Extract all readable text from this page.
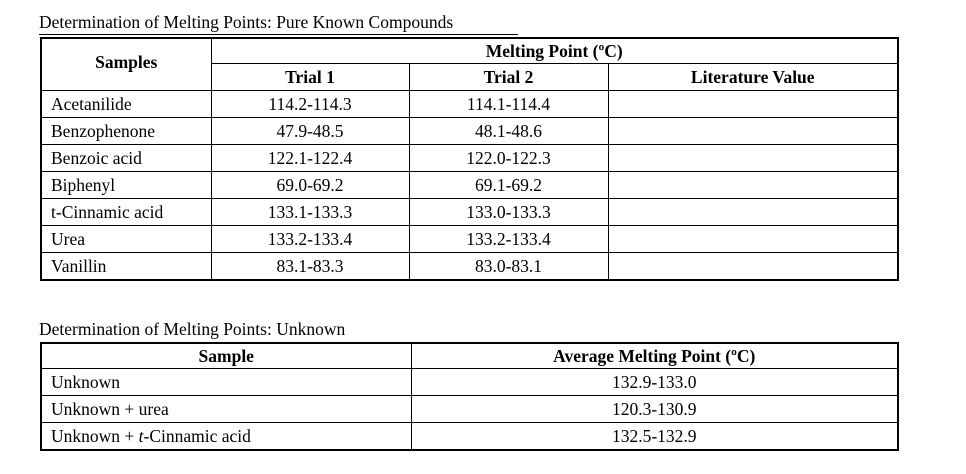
Determination of Melting Points: Pure Known Compounds
Samples	Melting Point (ºC)		
	Trial 1	Trial 2	Literature Value
Acetanilide	114.2-114.3	114.1-114.4	
Benzophenone	47.9-48.5	48.1-48.6	
Benzoic acid	122.1-122.4	122.0-122.3	
Biphenyl	69.0-69.2	69.1-69.2	
t-Cinnamic acid	133.1-133.3	133.0-133.3	
Urea	133.2-133.4	133.2-133.4	
Vanillin	83.1-83.3	83.0-83.1	
Determination of Melting Points: Unknown
Sample	Average Melting Point (ºC)
Unknown	132.9-133.0
Unknown + urea	120.3-130.9
Unknown + t-Cinnamic acid	132.5-132.9
